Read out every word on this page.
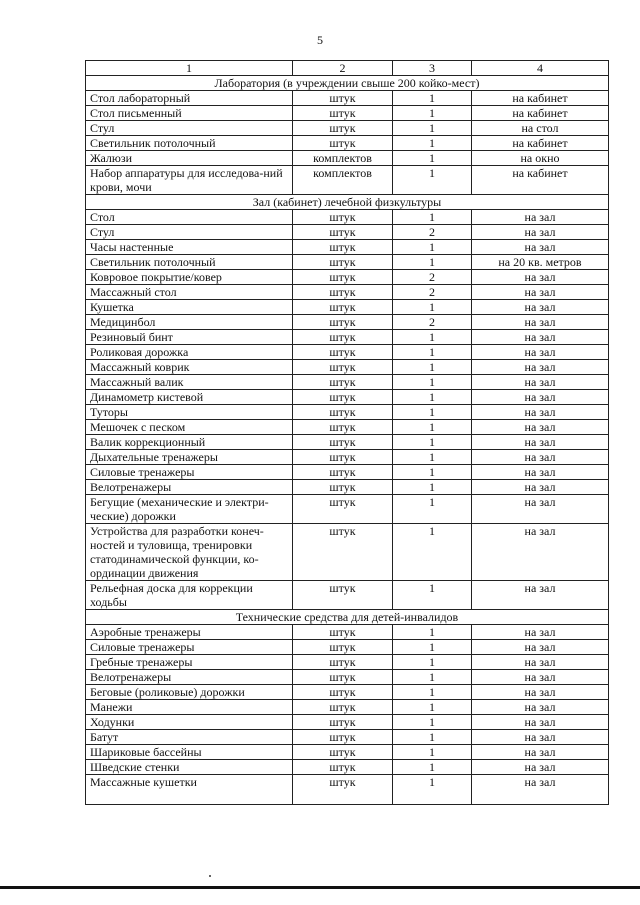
5
1	2	3	4
Лаборатория (в учреждении свыше 200 койко-мест)			
Стол лабораторный	штук	1	на кабинет
Стол письменный	штук	1	на кабинет
Стул	штук	1	на стол
Светильник потолочный	штук	1	на кабинет
Жалюзи	комплектов	1	на окно
Набор аппаратуры для исследова-ний крови, мочи	комплектов	1	на кабинет
Зал (кабинет) лечебной физкультуры			
Стол	штук	1	на зал
Стул	штук	2	на зал
Часы настенные	штук	1	на зал
Светильник потолочный	штук	1	на 20 кв. метров
Ковровое покрытие/ковер	штук	2	на зал
Массажный стол	штук	2	на зал
Кушетка	штук	1	на зал
Медицинбол	штук	2	на зал
Резиновый бинт	штук	1	на зал
Роликовая дорожка	штук	1	на зал
Массажный коврик	штук	1	на зал
Массажный валик	штук	1	на зал
Динамометр кистевой	штук	1	на зал
Туторы	штук	1	на зал
Мешочек с песком	штук	1	на зал
Валик коррекционный	штук	1	на зал
Дыхательные тренажеры	штук	1	на зал
Силовые тренажеры	штук	1	на зал
Велотренажеры	штук	1	на зал
Бегущие (механические и электри-ческие) дорожки	штук	1	на зал
Устройства для разработки конеч-ностей и туловища, тренировки статодинамической функции, ко-ординации движения	штук	1	на зал
Рельефная доска для коррекции ходьбы	штук	1	на зал
Технические средства для детей-инвалидов			
Аэробные тренажеры	штук	1	на зал
Силовые тренажеры	штук	1	на зал
Гребные тренажеры	штук	1	на зал
Велотренажеры	штук	1	на зал
Беговые (роликовые) дорожки	штук	1	на зал
Манежи	штук	1	на зал
Ходунки	штук	1	на зал
Батут	штук	1	на зал
Шариковые бассейны	штук	1	на зал
Шведские стенки	штук	1	на зал
Массажные кушетки	штук	1	на зал
